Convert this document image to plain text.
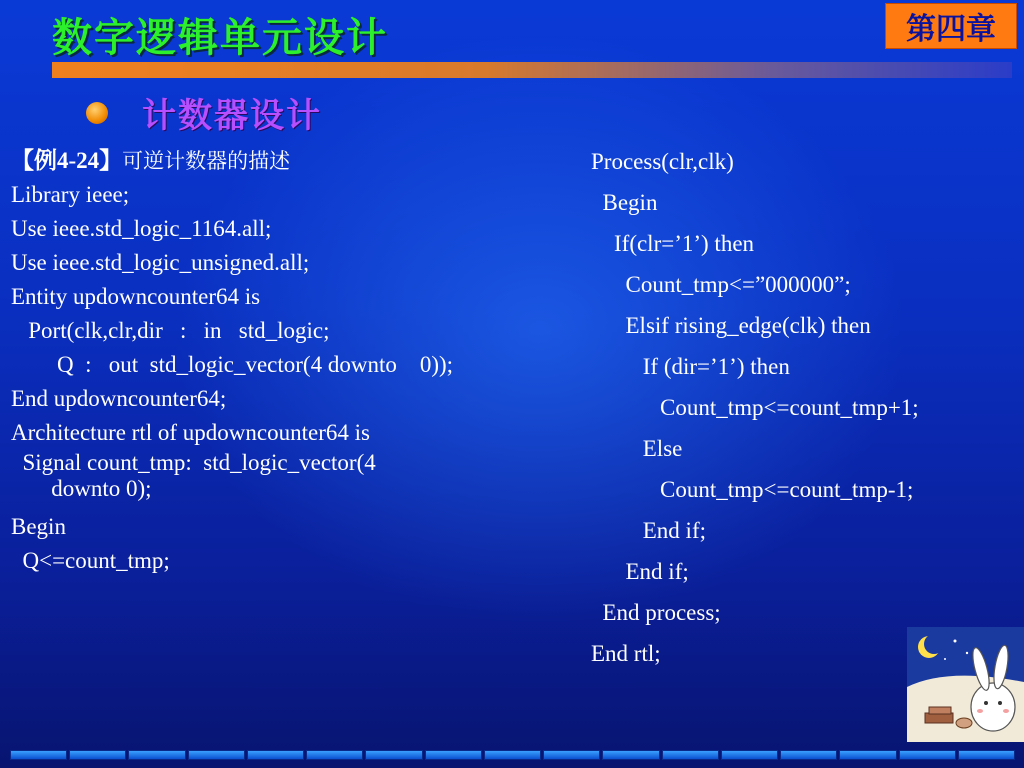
数字逻辑单元设计	第四章
计数器设计
【例4-24】可逆计数器的描述
Library ieee;
Use ieee.std_logic_1164.all;
Use ieee.std_logic_unsigned.all;
Entity updowncounter64 is
Port(clk,clr,dir   :   in   std_logic;
Q  :   out  std_logic_vector(4 downto    0));
End updowncounter64;
Architecture rtl of updowncounter64 is
Signal count_tmp:  std_logic_vector(4
downto 0);
Begin
Q<=count_tmp;
Process(clr,clk)
Begin
If(clr=’1’) then
Count_tmp<=”000000”;
Elsif rising_edge(clk) then
If (dir=’1’) then
Count_tmp<=count_tmp+1;
Else
Count_tmp<=count_tmp-1;
End if;
End if;
End process;
End rtl;
